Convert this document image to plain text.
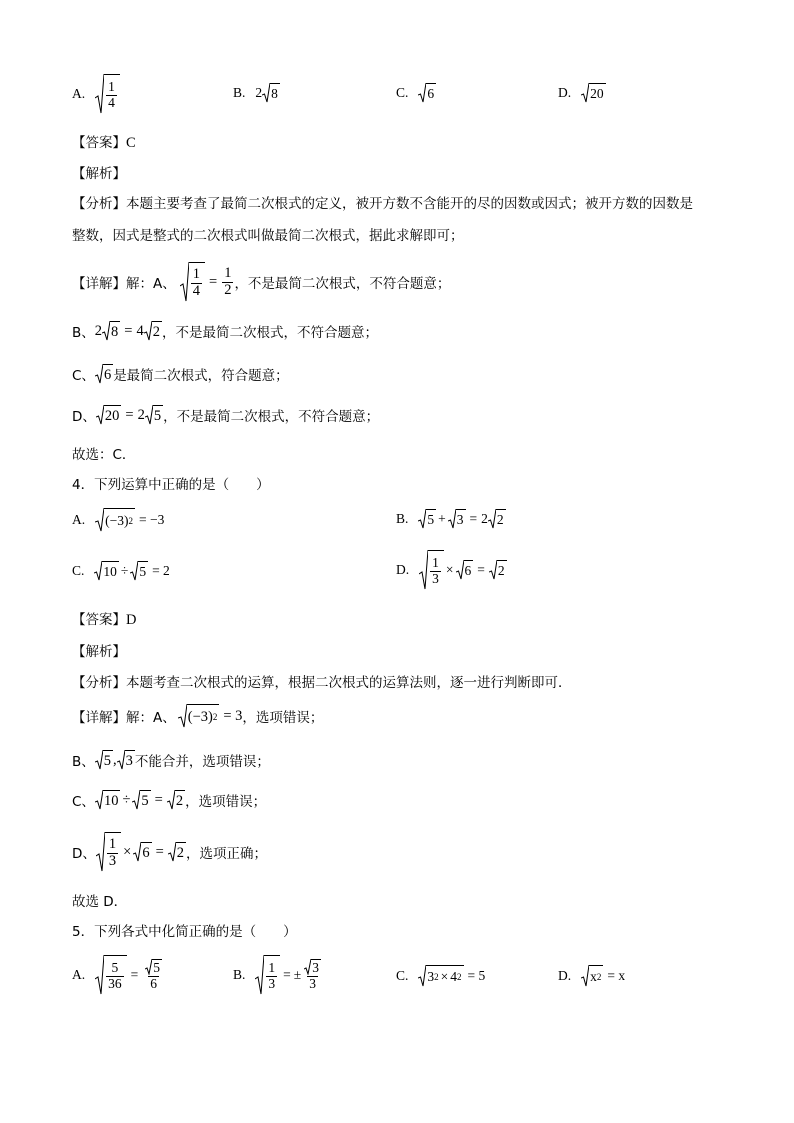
A. $\frac{1}{4}$	B. 2 8	C. 6	D. 20
【答案】C
【解析】
【分析】本题主要考查了最简二次根式的定义，被开方数不含能开的尽的因数或因式；被开方数的因数是
整数，因式是整式的二次根式叫做最简二次根式，据此求解即可；
【详解】 解：A、 $\frac{1}{4} = \frac{1}{2}$ ，不是最简二次根式，不符合题意；
B、 2 8 = 4 2 ，不是最简二次根式，不符合题意；
C、 6 是最简二次根式，符合题意；
D、 20 = 2 5 ，不是最简二次根式，不符合题意；
故选：C．
4．下列运算中正确的是（　　）
A. (−3) 2 = −3	B. 5 + 3 = 2 2
C. 10 ÷ 5 = 2	D. $\frac{1}{3} \times 6 = 2$
【答案】D
【解析】
【分析】本题考查二次根式的运算，根据二次根式的运算法则，逐一进行判断即可．
【详解】 解：A、 (−3) 2 = 3 ，选项错误；
B、 5 , 3 不能合并，选项错误；
C、 10 ÷ 5 = 2 ，选项错误；
D、 $\frac{1}{3} \times 6 = 2$ ，选项正确；
故选 D．
5．下列各式中化简正确的是（　　）
A. $\frac{5}{36} = \frac{5}{6}$	B. $\frac{1}{3}$ = ± $\frac{3}{3}$	C. 3 2 × 4 2 = 5	D. x 2 = x
